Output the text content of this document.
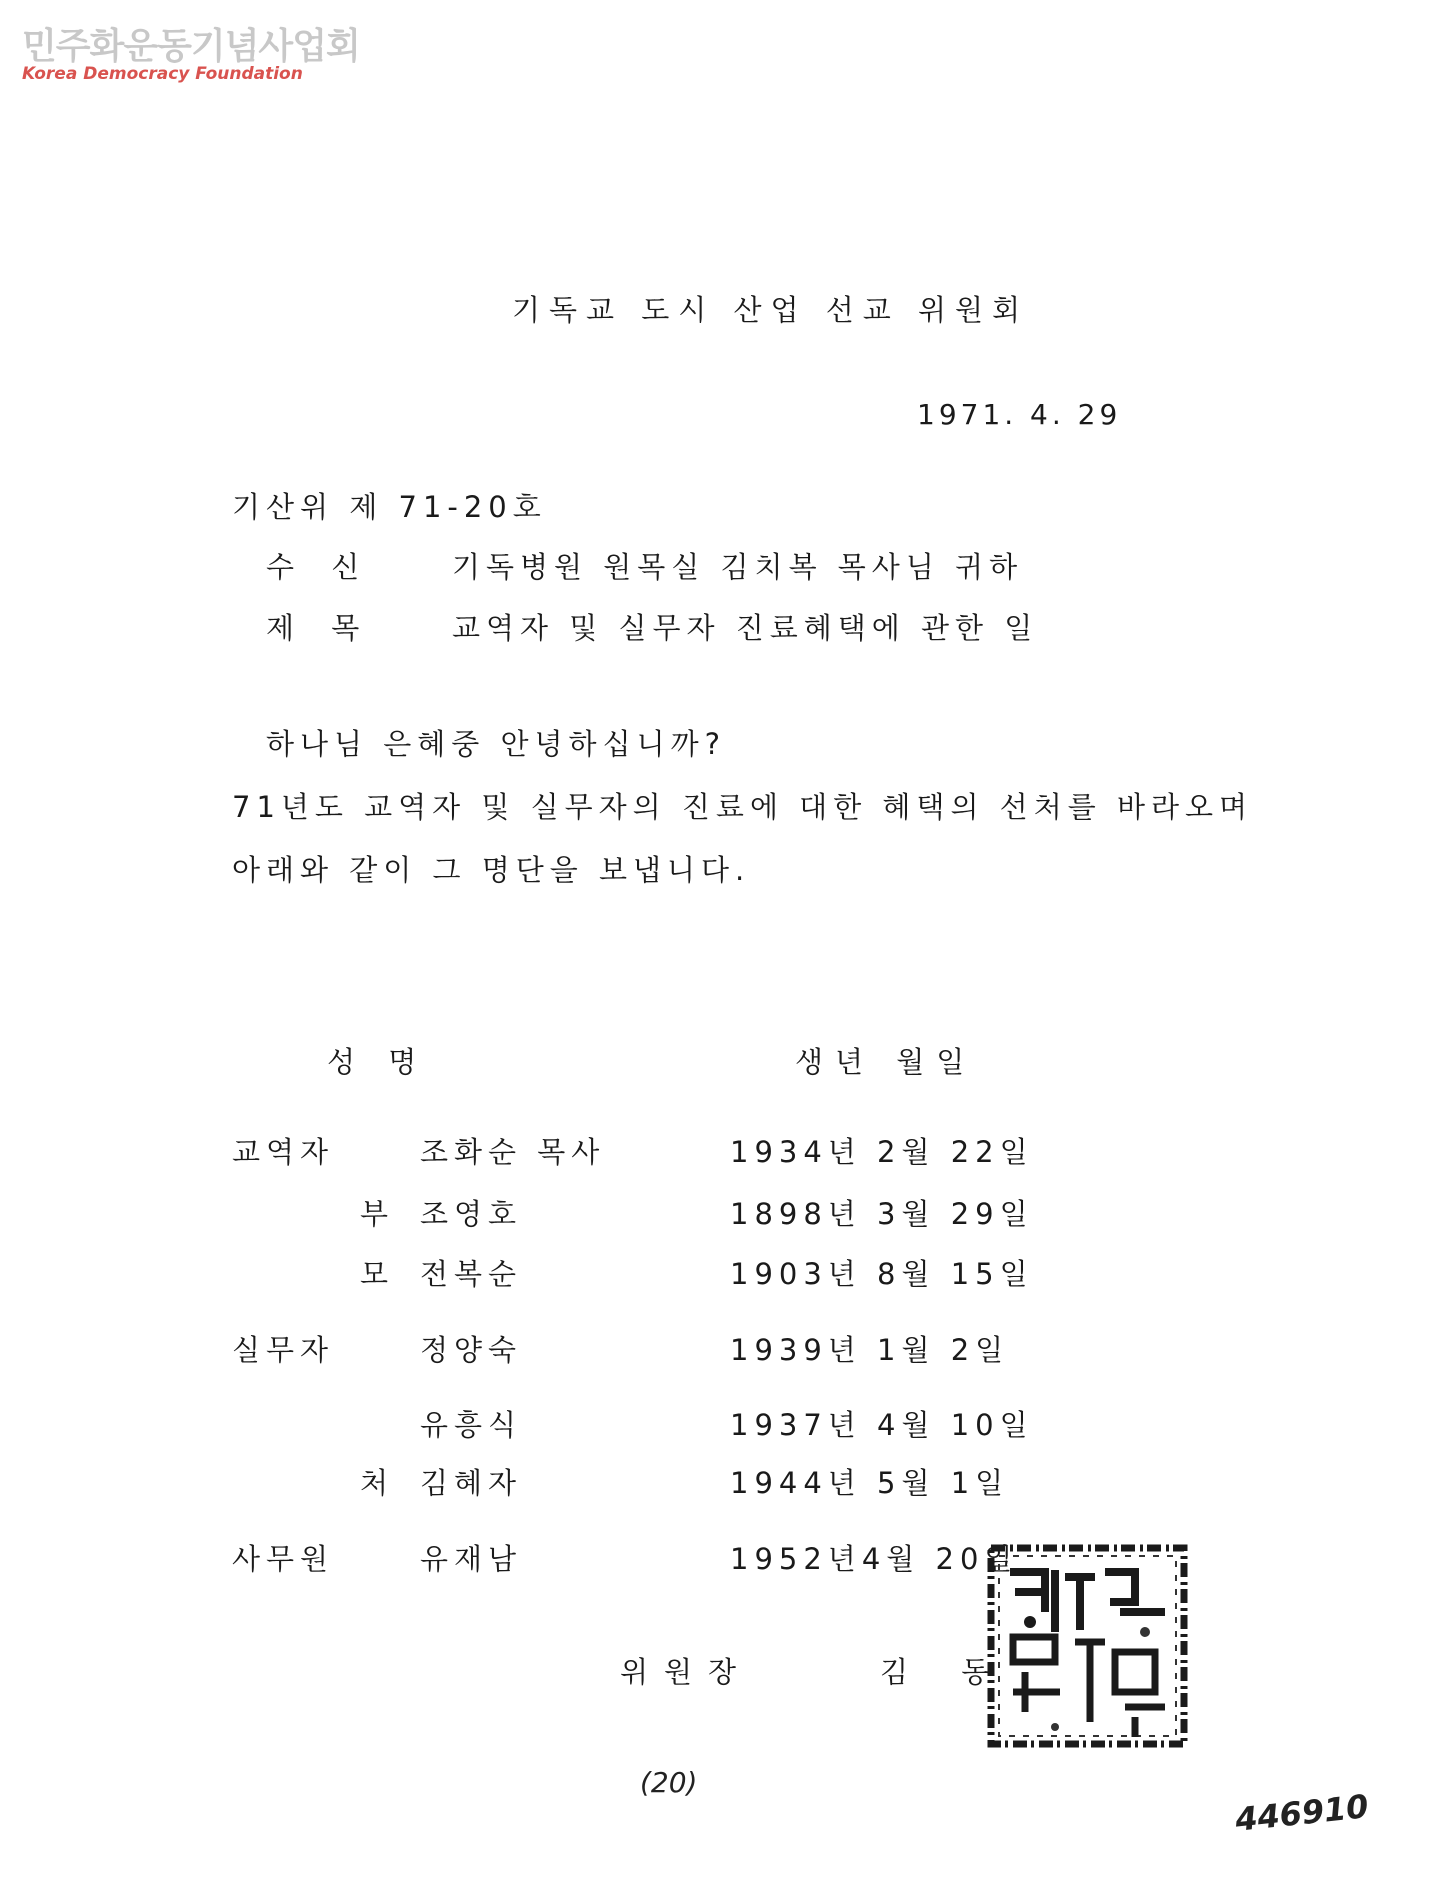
민주화운동기념사업회
Korea Democracy Foundation
기독교 도시 산업 선교 위원회
1971. 4. 29
기산위 제 71-20호
수 신	기독병원 원목실 김치복 목사님 귀하
제 목	교역자 및 실무자 진료혜택에 관한 일
하나님 은혜중 안녕하십니까?
71년도 교역자 및 실무자의 진료에 대한 혜택의 선처를 바라오며
아래와 같이 그 명단을 보냅니다.
성 명	생년 월일
교역자	조화순 목사	1934년 2월 22일
부 조영호	1898년 3월 29일
모 전복순	1903년 8월 15일
실무자	정양숙	1939년 1월 2일
유흥식	1937년 4월 10일
처 김혜자	1944년 5월 1일
사무원	유재남	1952년4월 20일
위원장	김 동
(20)
446910
